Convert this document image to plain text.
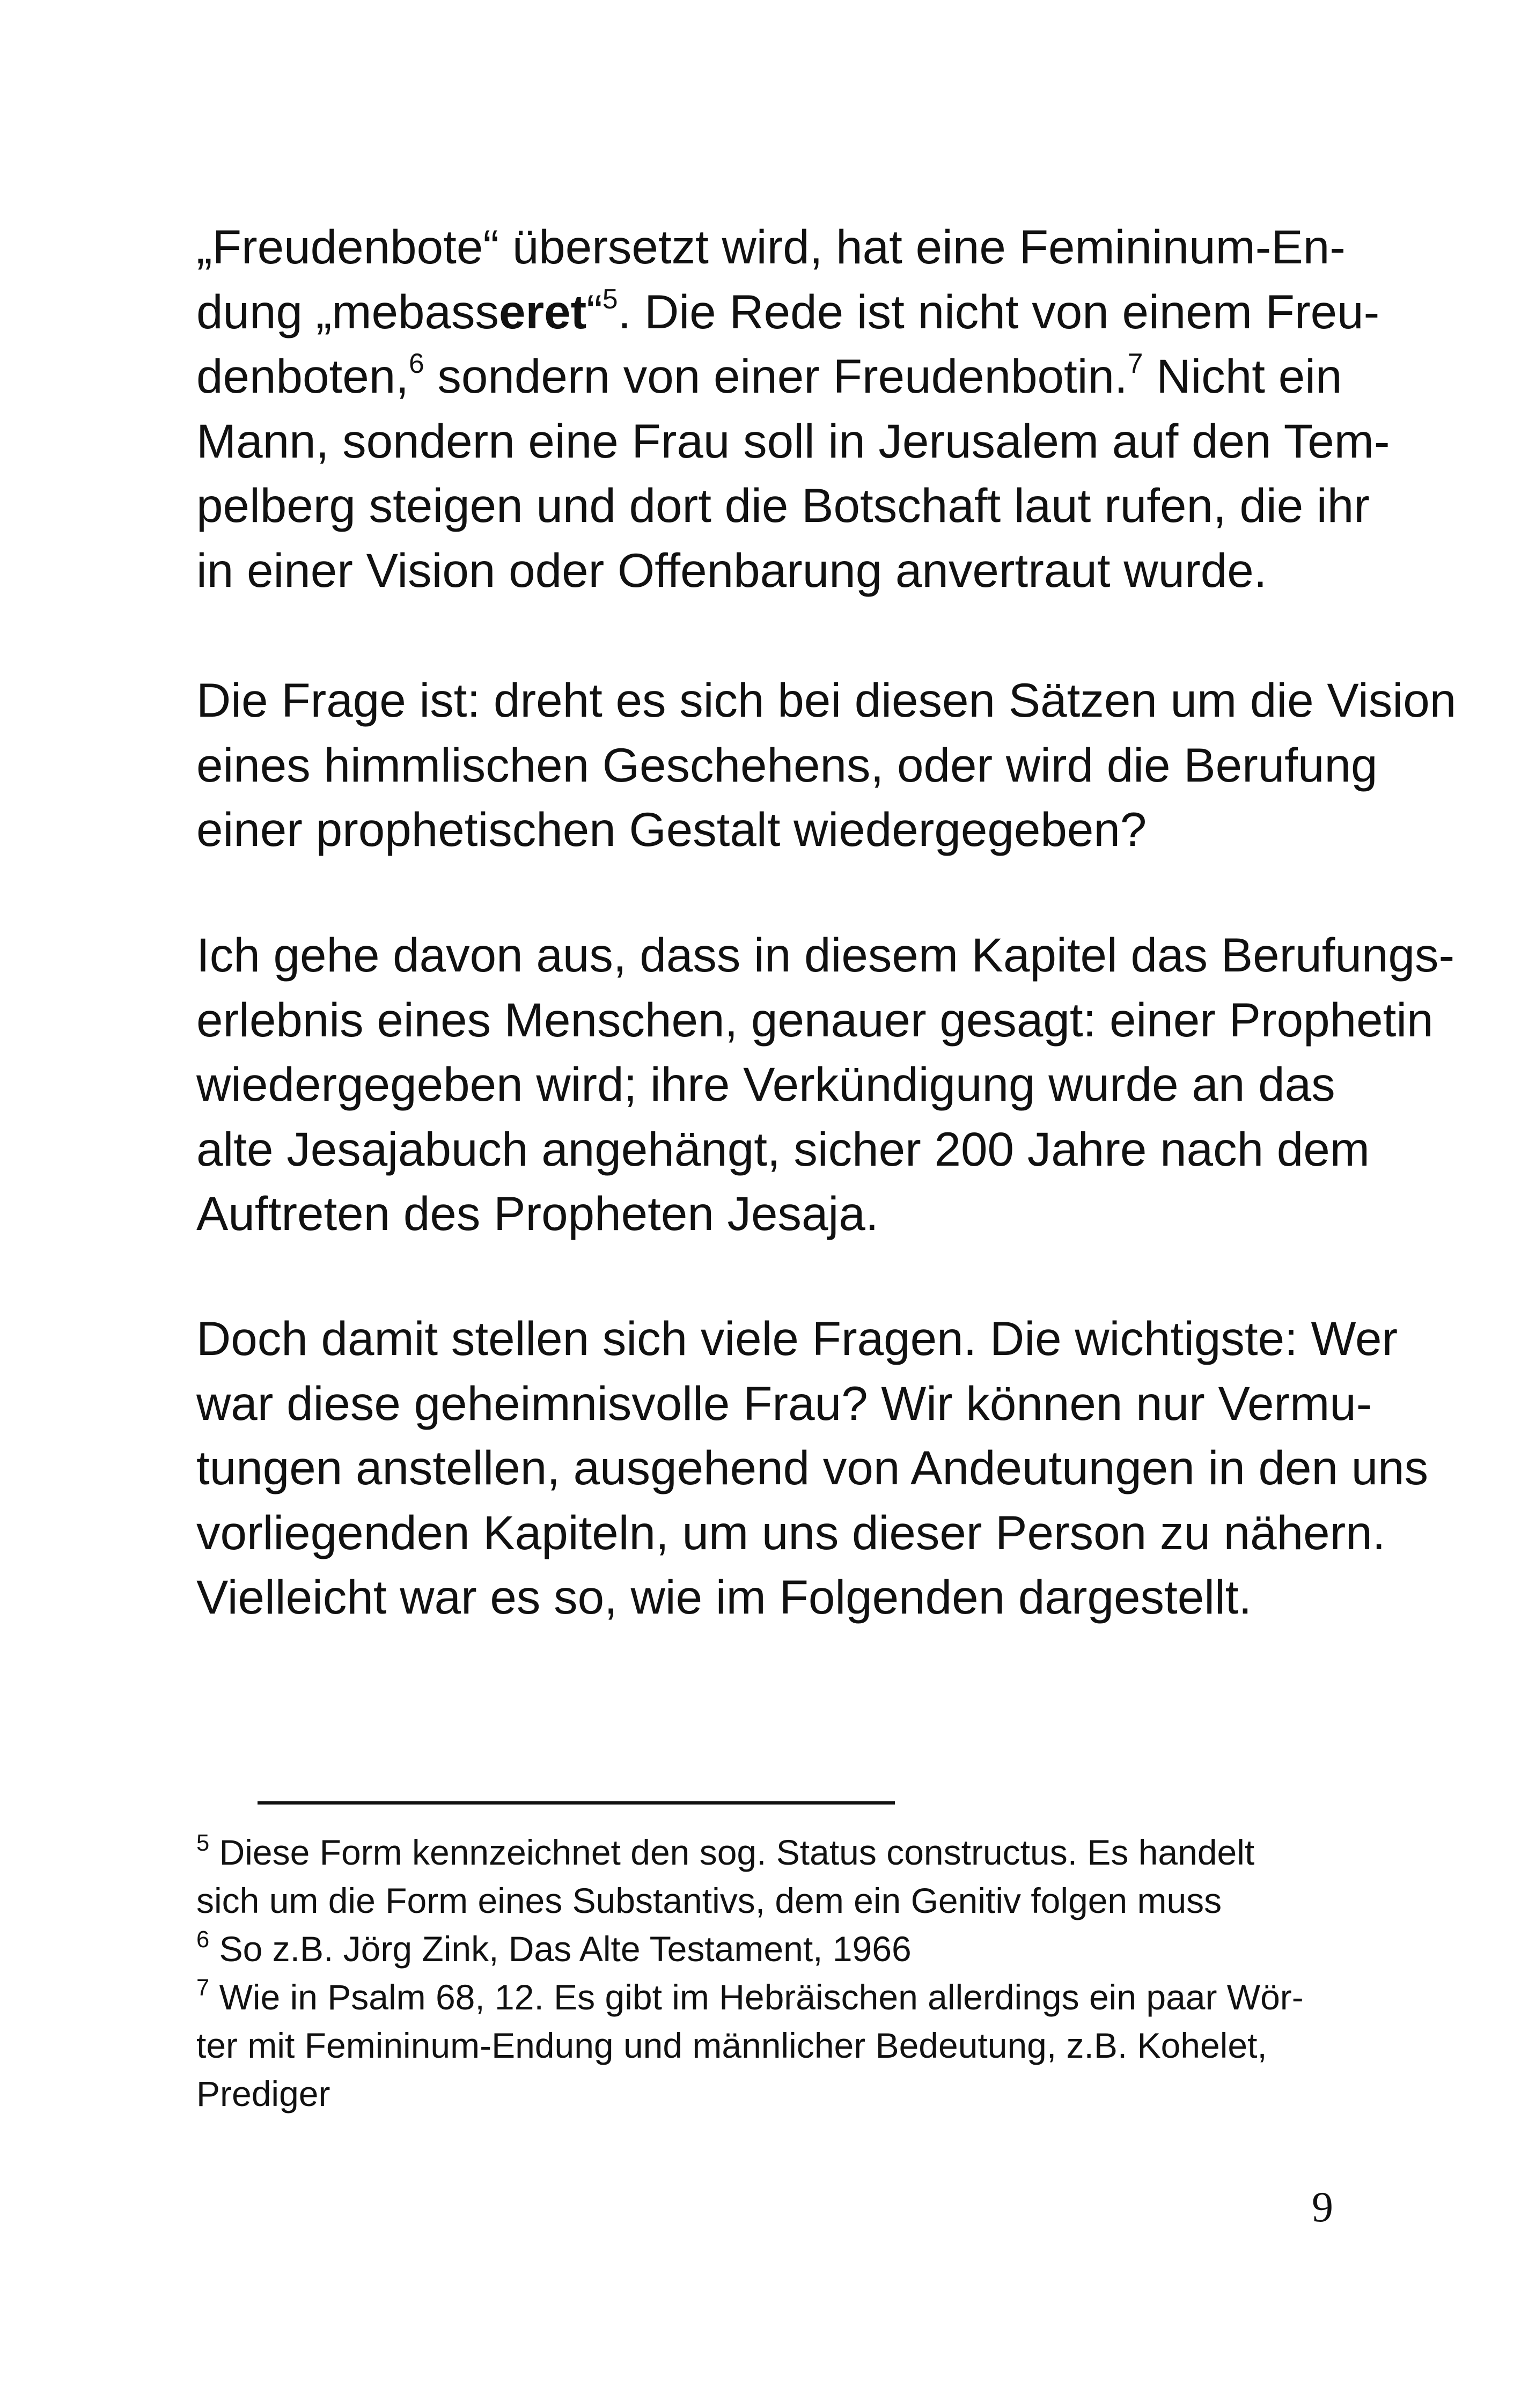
„Freudenbote“ übersetzt wird, hat eine Femininum-En-
dung „mebasseret“$^5$. Die Rede ist nicht von einem Freu-
denboten,$^6$ sondern von einer Freudenbotin.$^7$ Nicht ein
Mann, sondern eine Frau soll in Jerusalem auf den Tem-
pelberg steigen und dort die Botschaft laut rufen, die ihr
in einer Vision oder Offenbarung anvertraut wurde.
Die Frage ist: dreht es sich bei diesen Sätzen um die Vision
eines himmlischen Geschehens, oder wird die Berufung
einer prophetischen Gestalt wiedergegeben?
Ich gehe davon aus, dass in diesem Kapitel das Berufungs-
erlebnis eines Menschen, genauer gesagt: einer Prophetin
wiedergegeben wird; ihre Verkündigung wurde an das
alte Jesajabuch angehängt, sicher 200 Jahre nach dem
Auftreten des Propheten Jesaja.
Doch damit stellen sich viele Fragen. Die wichtigste: Wer
war diese geheimnisvolle Frau? Wir können nur Vermu-
tungen anstellen, ausgehend von Andeutungen in den uns
vorliegenden Kapiteln, um uns dieser Person zu nähern.
Vielleicht war es so, wie im Folgenden dargestellt.
$^5$ Diese Form kennzeichnet den sog. Status constructus. Es handelt
sich um die Form eines Substantivs, dem ein Genitiv folgen muss
$^6$ So z.B. Jörg Zink, Das Alte Testament, 1966
$^7$ Wie in Psalm 68, 12. Es gibt im Hebräischen allerdings ein paar Wör-
ter mit Femininum-Endung und männlicher Bedeutung, z.B. Kohelet,
Prediger
9
